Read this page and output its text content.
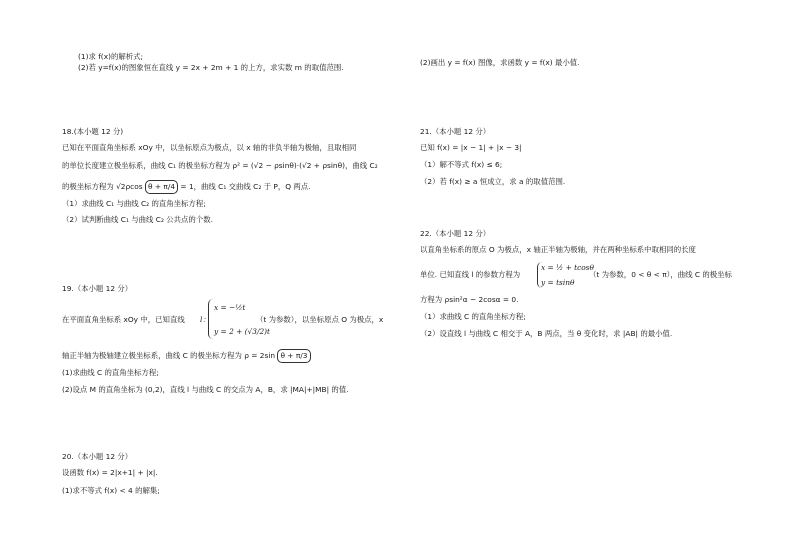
(1)求 f(x)的解析式;
(2)若 y=f(x)的图象恒在直线 y = 2x + 2m + 1 的上方，求实数 m 的取值范围.
18.(本小题 12 分)
已知在平面直角坐标系 xOy 中，以坐标原点为极点，以 x 轴的非负半轴为极轴，且取相同
的单位长度建立极坐标系，曲线 C₁ 的极坐标方程为 ρ² = (√2 − ρsinθ)·(√2 + ρsinθ)，曲线 C₂
的极坐标方程为 √2ρcos θ + π/4 = 1，曲线 C₁ 交曲线 C₂ 于 P，Q 两点.
（1）求曲线 C₁ 与曲线 C₂ 的直角坐标方程;
（2）试判断曲线 C₁ 与曲线 C₂ 公共点的个数.
19.（本小题 12 分）
在平面直角坐标系 xOy 中，已知直线 l：
x = −½t
y = 2 + (√3/2)t
（t 为参数），以坐标原点 O 为极点，x
轴正半轴为极轴建立极坐标系，曲线 C 的极坐标方程为 ρ = 2sin θ + π/3
(1)求曲线 C 的直角坐标方程;
(2)设点 M 的直角坐标为 (0,2)，直线 l 与曲线 C 的交点为 A，B，求 |MA|+|MB| 的值.
20.（本小题 12 分）
设函数 f(x) = 2|x+1| + |x|.
(1)求不等式 f(x) < 4 的解集;
(2)画出 y = f(x) 图像，求函数 y = f(x) 最小值.
21.（本小题 12 分）
已知 f(x) = |x − 1| + |x − 3|
（1）解不等式 f(x) ≤ 6;
（2）若 f(x) ≥ a 恒成立，求 a 的取值范围.
22.（本小题 12 分）
以直角坐标系的原点 O 为极点，x 轴正半轴为极轴，并在两种坐标系中取相同的长度
单位. 已知直线 l 的参数方程为
x = ½ + tcosθ
y = tsinθ
（t 为参数，0 < θ < π），曲线 C 的极坐标
方程为 ρsin²α − 2cosα = 0.
（1）求曲线 C 的直角坐标方程;
（2）设直线 l 与曲线 C 相交于 A，B 两点，当 θ 变化时，求 |AB| 的最小值.
